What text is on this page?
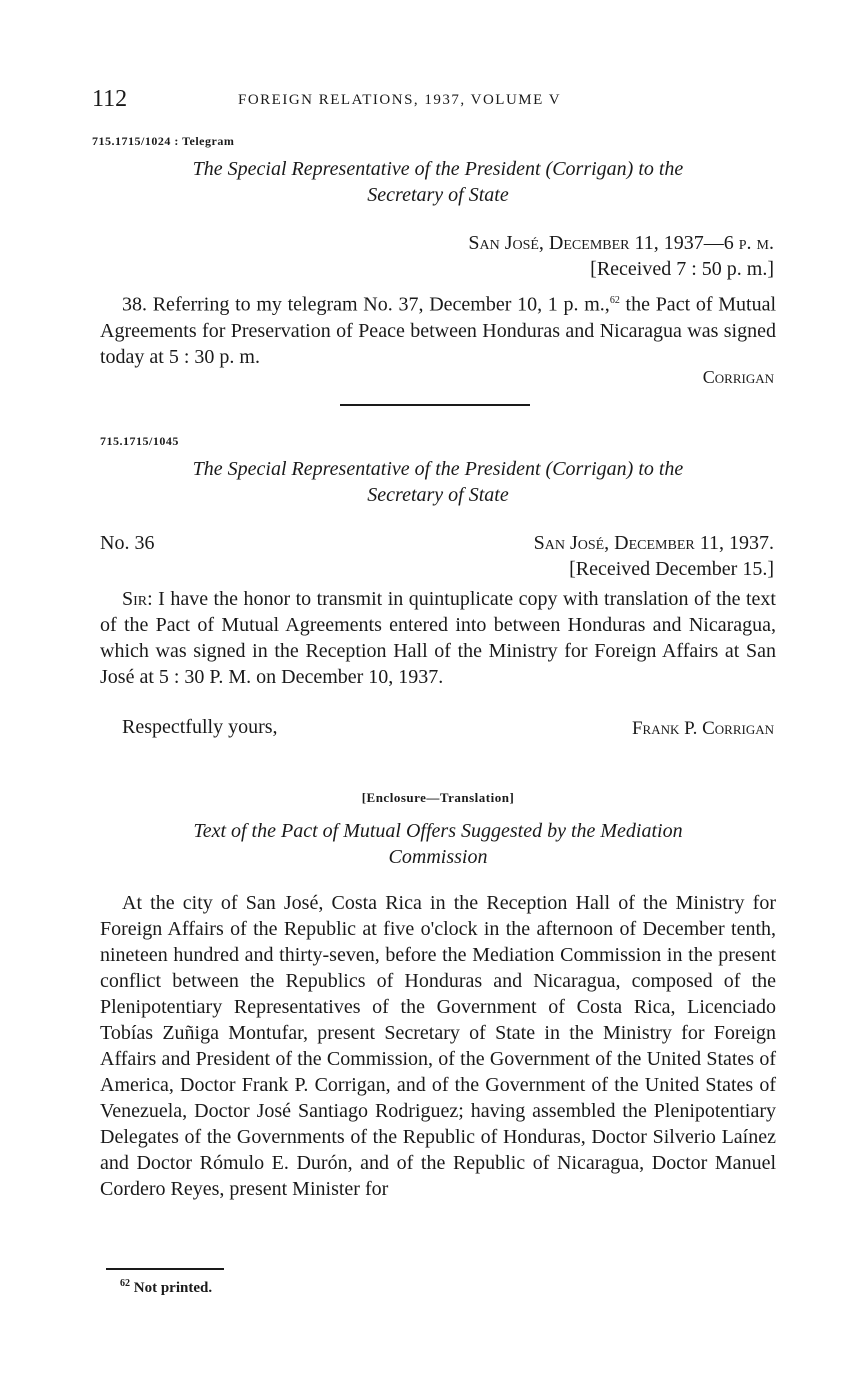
112	FOREIGN RELATIONS, 1937, VOLUME V
715.1715/1024 : Telegram
The Special Representative of the President (Corrigan) to the
Secretary of State
San José, December 11, 1937—6 p. m.
[Received 7 : 50 p. m.]
38. Referring to my telegram No. 37, December 10, 1 p. m.,$^{62}$ the Pact of Mutual Agreements for Preservation of Peace between Honduras and Nicaragua was signed today at 5 : 30 p. m.
Corrigan
715.1715/1045
The Special Representative of the President (Corrigan) to the
Secretary of State
No. 36	San José, December 11, 1937.
[Received December 15.]
Sir: I have the honor to transmit in quintuplicate copy with translation of the text of the Pact of Mutual Agreements entered into between Honduras and Nicaragua, which was signed in the Reception Hall of the Ministry for Foreign Affairs at San José at 5 : 30 P. M. on December 10, 1937.
Respectfully yours,	Frank P. Corrigan
[Enclosure—Translation]
Text of the Pact of Mutual Offers Suggested by the Mediation
Commission
At the city of San José, Costa Rica in the Reception Hall of the Ministry for Foreign Affairs of the Republic at five o'clock in the afternoon of December tenth, nineteen hundred and thirty-seven, before the Mediation Commission in the present conflict between the Republics of Honduras and Nicaragua, composed of the Plenipotentiary Representatives of the Government of Costa Rica, Licenciado Tobías Zuñiga Montufar, present Secretary of State in the Ministry for Foreign Affairs and President of the Commission, of the Government of the United States of America, Doctor Frank P. Corrigan, and of the Government of the United States of Venezuela, Doctor José Santiago Rodriguez; having assembled the Plenipotentiary Delegates of the Governments of the Republic of Honduras, Doctor Silverio Laínez and Doctor Rómulo E. Durón, and of the Republic of Nicaragua, Doctor Manuel Cordero Reyes, present Minister for
$^{62}$ Not printed.
